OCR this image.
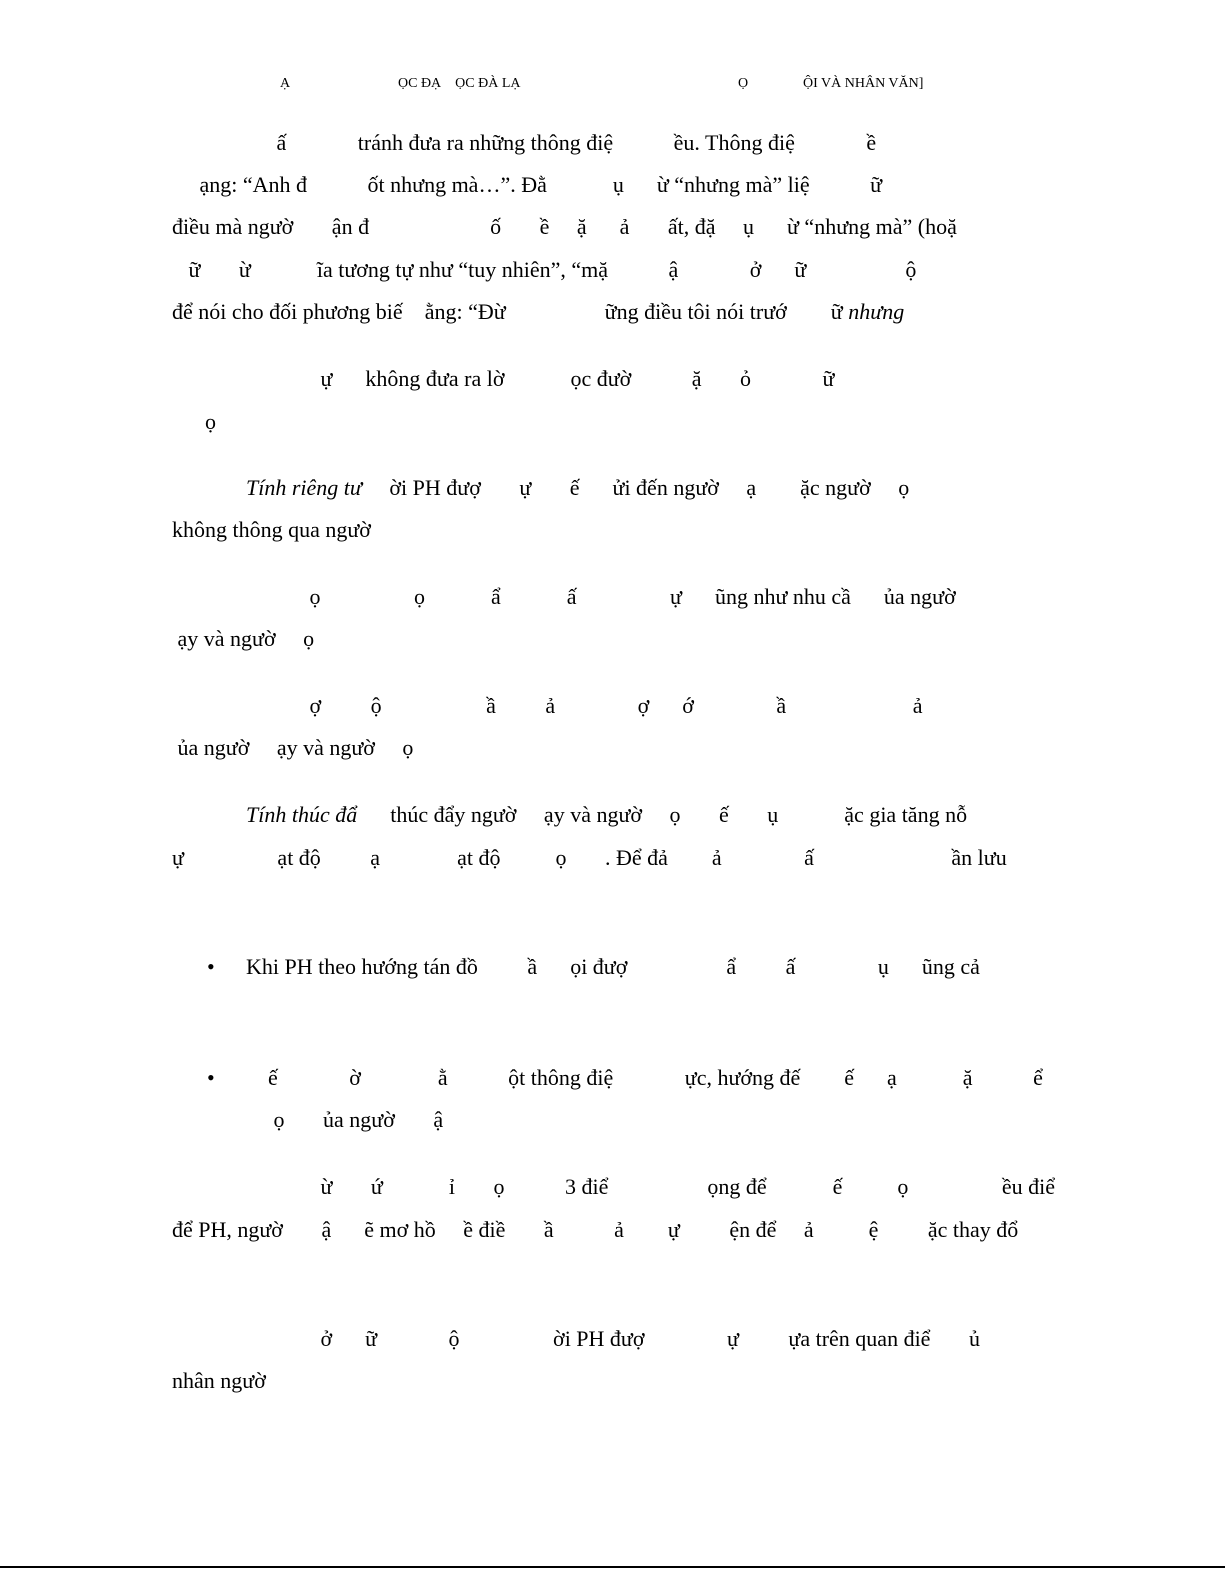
Ạ	ỌC ĐẠ    ỌC ĐÀ LẠ	Ọ	ỘI VÀ NHÂN VĂN]
ấ             tránh đưa ra những thông điệ           ều. Thông điệ             ề
ạng: “Anh đ           ốt nhưng mà…”. Đằ            ụ      ừ “nhưng mà” liệ           ữ
điều mà ngườ       ận đ                      ố       ề     ặ      ả       ất, đặ     ụ      ừ “nhưng mà” (hoặ
ữ       ừ            ĩa tương tự như “tuy nhiên”, “mặ           ậ             ở      ữ                  ộ
để nói cho đối phương biế    ằng: “Đừ                  ững điều tôi nói trướ        ữ nhưng
ự      không đưa ra lờ            ọc đườ           ặ       ỏ             ữ
ọ
Tính riêng tư     ời PH đượ       ự       ế      ửi đến ngườ     ạ        ặc ngườ     ọ
không thông qua ngườ
ọ                 ọ            ẩ            ấ                 ự      ũng như nhu cầ      ủa ngườ
ạy và ngườ     ọ
ợ         ộ                   ầ         ả               ợ      ớ               ầ                       ả
ủa ngườ     ạy và ngườ     ọ
Tính thúc đẩ      thúc đẩy ngườ     ạy và ngườ     ọ       ế       ụ            ặc gia tăng nỗ
ự                 ạt độ         ạ              ạt độ          ọ       . Để đả        ả               ấ                         ần lưu
• Khi PH theo hướng tán đồ         ầ      ọi đượ                  ẩ         ấ               ụ      ũng cả
• ế             ờ              ằ           ột thông điệ             ực, hướng đế        ế      ạ            ặ           ể
ọ       ủa ngườ       ậ
ừ       ứ            ỉ       ọ           3 điể                  ọng để            ế          ọ                 ều điể
để PH, ngườ       ậ      ẽ mơ hồ     ề điề       ầ           ả        ự         ện để     ả          ệ         ặc thay đổ
ở      ữ             ộ                 ời PH đượ               ự         ựa trên quan điể       ủ
nhân ngườ
